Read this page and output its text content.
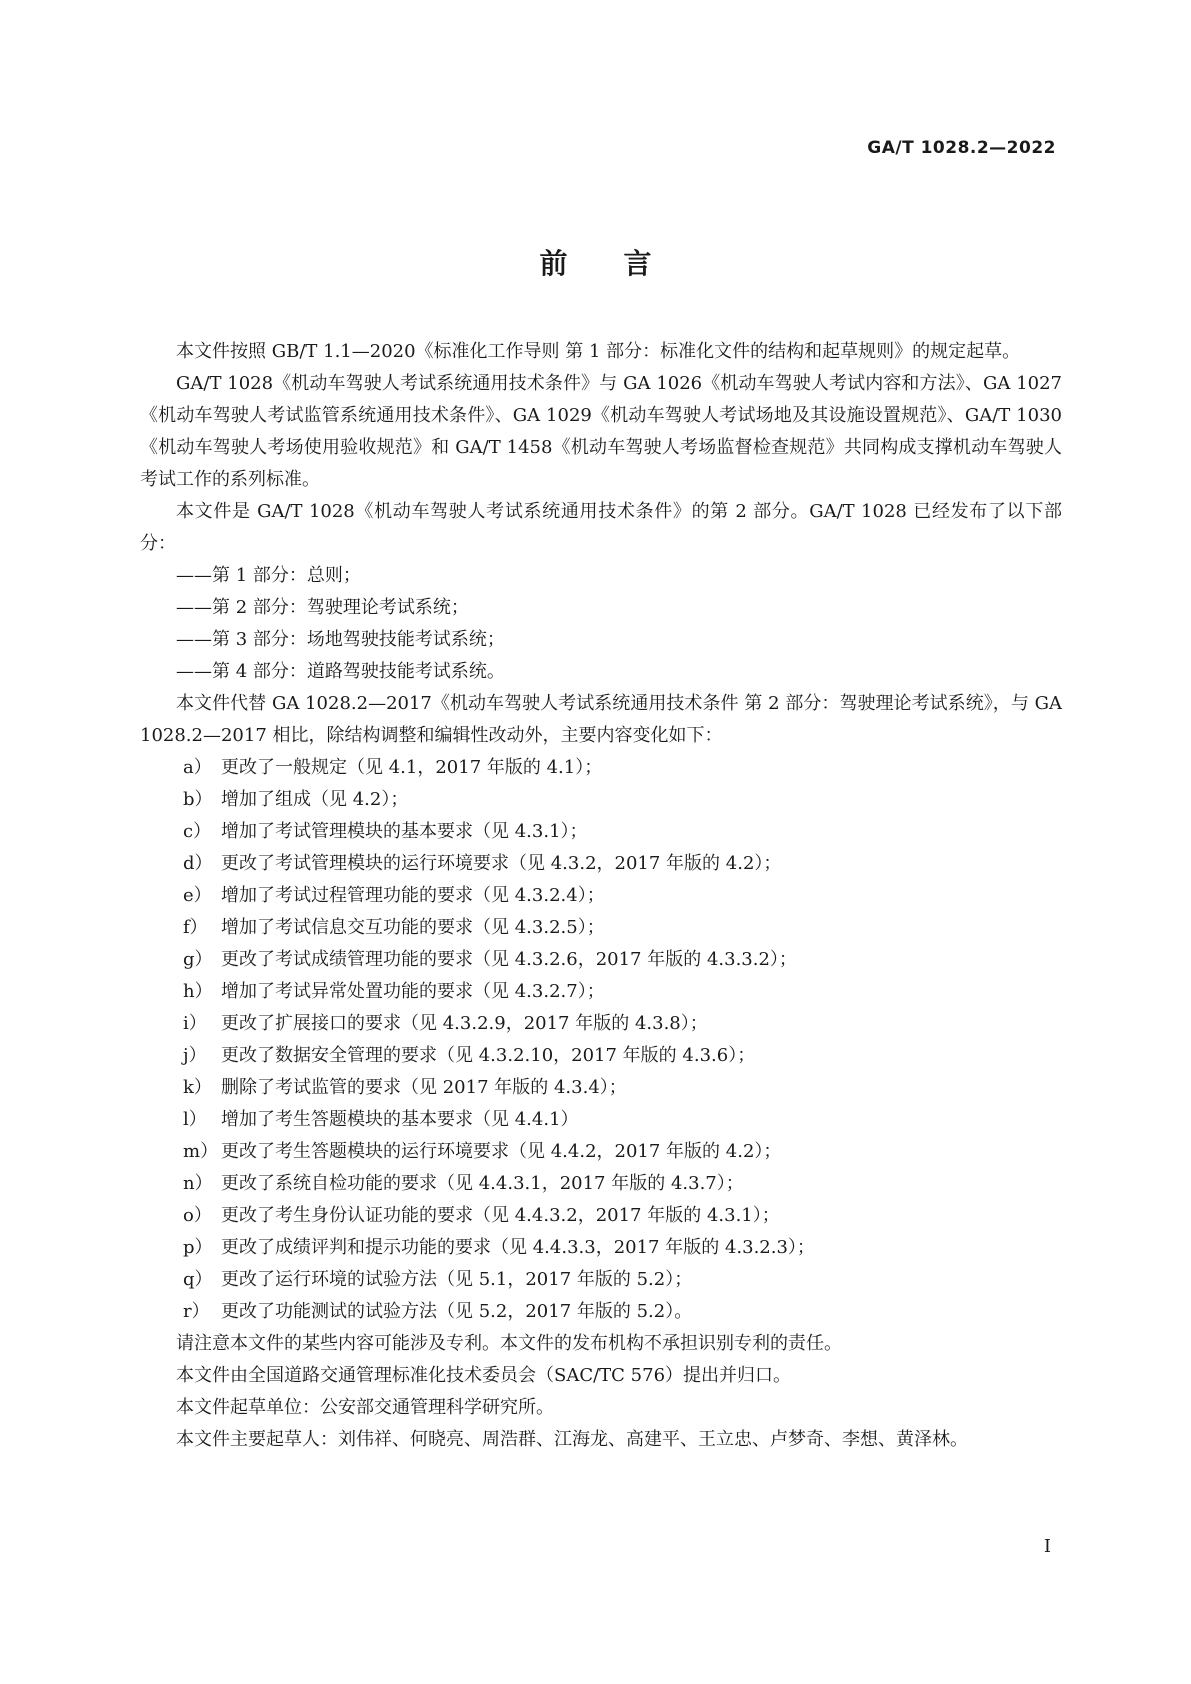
GA/T 1028.2—2022
前言

本文件按照 GB/T 1.1—2020《标准化工作导则 第 1 部分：标准化文件的结构和起草规则》的规定起草。

GA/T 1028《机动车驾驶人考试系统通用技术条件》与 GA 1026《机动车驾驶人考试内容和方法》、GA 1027《机动车驾驶人考试监管系统通用技术条件》、GA 1029《机动车驾驶人考试场地及其设施设置规范》、GA/T 1030《机动车驾驶人考场使用验收规范》和 GA/T 1458《机动车驾驶人考场监督检查规范》共同构成支撑机动车驾驶人考试工作的系列标准。

本文件是 GA/T 1028《机动车驾驶人考试系统通用技术条件》的第 2 部分。GA/T 1028 已经发布了以下部分：

——第 1 部分：总则；

——第 2 部分：驾驶理论考试系统；

——第 3 部分：场地驾驶技能考试系统；

——第 4 部分：道路驾驶技能考试系统。

本文件代替 GA 1028.2—2017《机动车驾驶人考试系统通用技术条件 第 2 部分：驾驶理论考试系统》，与 GA 1028.2—2017 相比，除结构调整和编辑性改动外，主要内容变化如下：

a） 更改了一般规定（见 4.1，2017 年版的 4.1）；

b） 增加了组成（见 4.2）；

c） 增加了考试管理模块的基本要求（见 4.3.1）；

d） 更改了考试管理模块的运行环境要求（见 4.3.2，2017 年版的 4.2）；

e） 增加了考试过程管理功能的要求（见 4.3.2.4）；

f） 增加了考试信息交互功能的要求（见 4.3.2.5）；

g） 更改了考试成绩管理功能的要求（见 4.3.2.6，2017 年版的 4.3.3.2）；

h） 增加了考试异常处置功能的要求（见 4.3.2.7）；

i） 更改了扩展接口的要求（见 4.3.2.9，2017 年版的 4.3.8）；

j） 更改了数据安全管理的要求（见 4.3.2.10，2017 年版的 4.3.6）；

k） 删除了考试监管的要求（见 2017 年版的 4.3.4）；

l） 增加了考生答题模块的基本要求（见 4.4.1）

m） 更改了考生答题模块的运行环境要求（见 4.4.2，2017 年版的 4.2）；

n） 更改了系统自检功能的要求（见 4.4.3.1，2017 年版的 4.3.7）；

o） 更改了考生身份认证功能的要求（见 4.4.3.2，2017 年版的 4.3.1）；

p） 更改了成绩评判和提示功能的要求（见 4.4.3.3，2017 年版的 4.3.2.3）；

q） 更改了运行环境的试验方法（见 5.1，2017 年版的 5.2）；

r） 更改了功能测试的试验方法（见 5.2，2017 年版的 5.2）。

请注意本文件的某些内容可能涉及专利。本文件的发布机构不承担识别专利的责任。

本文件由全国道路交通管理标准化技术委员会（SAC/TC 576）提出并归口。

本文件起草单位：公安部交通管理科学研究所。

本文件主要起草人：刘伟祥、何晓亮、周浩群、江海龙、高建平、王立忠、卢梦奇、李想、黄泽林。

I
